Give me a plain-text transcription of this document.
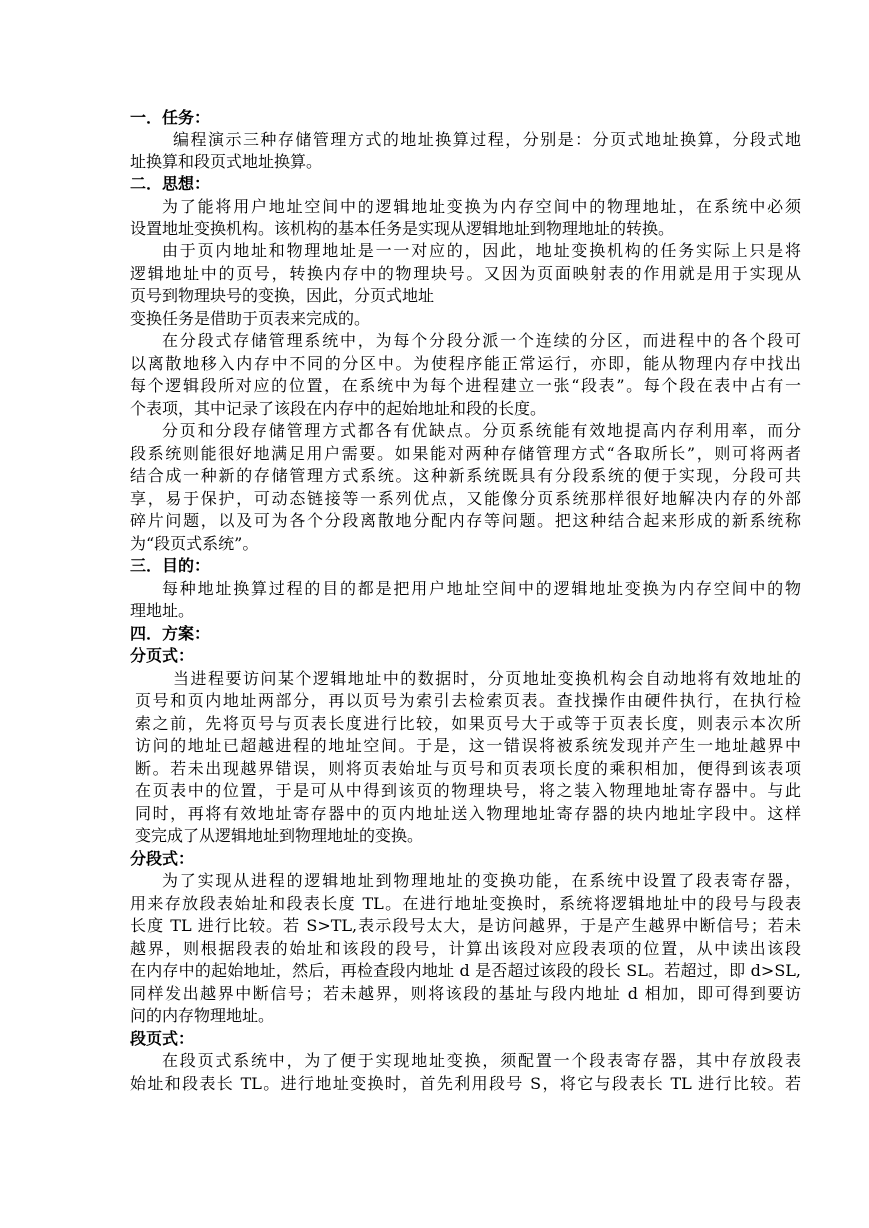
一．任务：
编程演示三种存储管理方式的地址换算过程，分别是：分页式地址换算，分段式地
址换算和段页式地址换算。
二．思想：
为了能将用户地址空间中的逻辑地址变换为内存空间中的物理地址，在系统中必须
设置地址变换机构。该机构的基本任务是实现从逻辑地址到物理地址的转换。
由于页内地址和物理地址是一一对应的，因此，地址变换机构的任务实际上只是将
逻辑地址中的页号，转换内存中的物理块号。又因为页面映射表的作用就是用于实现从
页号到物理块号的变换，因此，分页式地址
变换任务是借助于页表来完成的。
在分段式存储管理系统中，为每个分段分派一个连续的分区，而进程中的各个段可
以离散地移入内存中不同的分区中。为使程序能正常运行，亦即，能从物理内存中找出
每个逻辑段所对应的位置，在系统中为每个进程建立一张“段表”。每个段在表中占有一
个表项，其中记录了该段在内存中的起始地址和段的长度。
分页和分段存储管理方式都各有优缺点。分页系统能有效地提高内存利用率，而分
段系统则能很好地满足用户需要。如果能对两种存储管理方式“各取所长”，则可将两者
结合成一种新的存储管理方式系统。这种新系统既具有分段系统的便于实现，分段可共
享，易于保护，可动态链接等一系列优点，又能像分页系统那样很好地解决内存的外部
碎片问题，以及可为各个分段离散地分配内存等问题。把这种结合起来形成的新系统称
为“段页式系统”。
三．目的：
每种地址换算过程的目的都是把用户地址空间中的逻辑地址变换为内存空间中的物
理地址。
四．方案：
分页式：
当进程要访问某个逻辑地址中的数据时，分页地址变换机构会自动地将有效地址的
页号和页内地址两部分，再以页号为索引去检索页表。查找操作由硬件执行，在执行检
索之前，先将页号与页表长度进行比较，如果页号大于或等于页表长度，则表示本次所
访问的地址已超越进程的地址空间。于是，这一错误将被系统发现并产生一地址越界中
断。若未出现越界错误，则将页表始址与页号和页表项长度的乘积相加，便得到该表项
在页表中的位置，于是可从中得到该页的物理块号，将之装入物理地址寄存器中。与此
同时，再将有效地址寄存器中的页内地址送入物理地址寄存器的块内地址字段中。这样
变完成了从逻辑地址到物理地址的变换。
分段式：
为了实现从进程的逻辑地址到物理地址的变换功能，在系统中设置了段表寄存器，
用来存放段表始址和段表长度 TL。在进行地址变换时，系统将逻辑地址中的段号与段表
长度 TL 进行比较。若 S>TL,表示段号太大，是访问越界，于是产生越界中断信号；若未
越界，则根据段表的始址和该段的段号，计算出该段对应段表项的位置，从中读出该段
在内存中的起始地址，然后，再检查段内地址 d 是否超过该段的段长 SL。若超过，即 d>SL,
同样发出越界中断信号；若未越界，则将该段的基址与段内地址 d 相加，即可得到要访
问的内存物理地址。
段页式：
在段页式系统中，为了便于实现地址变换，须配置一个段表寄存器，其中存放段表
始址和段表长 TL。进行地址变换时，首先利用段号 S，将它与段表长 TL 进行比较。若
